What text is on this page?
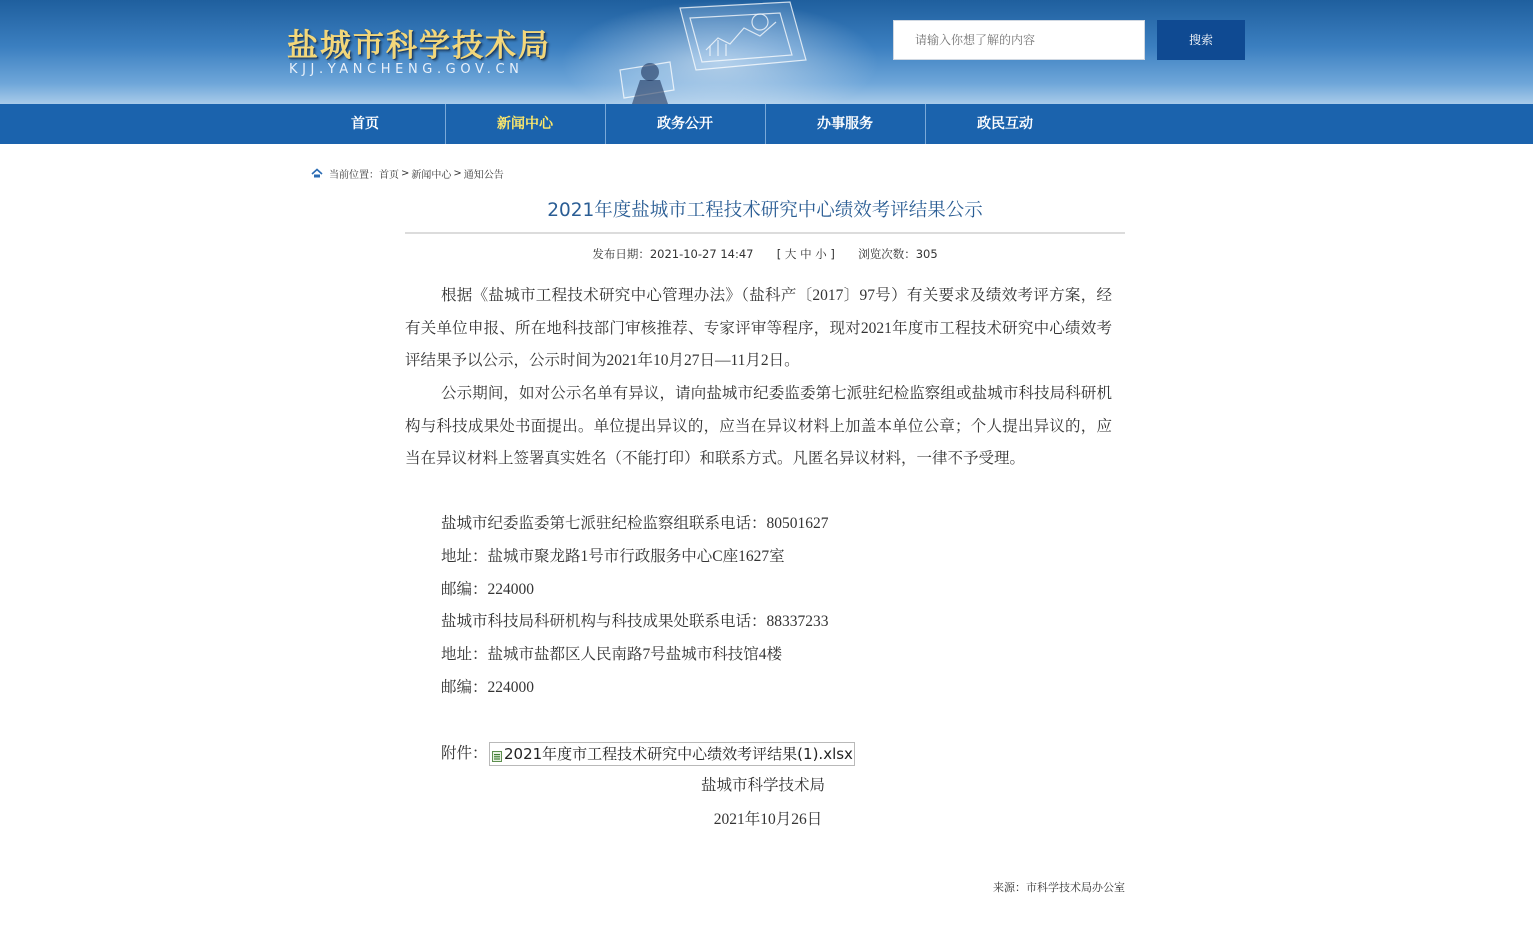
盐城市科学技术局
KJJ.YANCHENG.GOV.CN
请输入你想了解的内容
搜索
首页	新闻中心	政务公开	办事服务	政民互动
当前位置： 首页 > 新闻中心 > 通知公告
2021年度盐城市工程技术研究中心绩效考评结果公示
发布日期：2021-10-27 14:47 [ 大 中 小 ] 浏览次数：305
根据《盐城市工程技术研究中心管理办法》（盐科产〔2017〕97号）有关要求及绩效考评方案，经有关单位申报、所在地科技部门审核推荐、专家评审等程序，现对2021年度市工程技术研究中心绩效考评结果予以公示，公示时间为2021年10月27日—11月2日。
公示期间，如对公示名单有异议，请向盐城市纪委监委第七派驻纪检监察组或盐城市科技局科研机构与科技成果处书面提出。单位提出异议的，应当在异议材料上加盖本单位公章；个人提出异议的，应当在异议材料上签署真实姓名（不能打印）和联系方式。凡匿名异议材料，一律不予受理。
盐城市纪委监委第七派驻纪检监察组联系电话：80501627
地址：盐城市聚龙路1号市行政服务中心C座1627室
邮编：224000
盐城市科技局科研机构与科技成果处联系电话：88337233
地址：盐城市盐都区人民南路7号盐城市科技馆4楼
邮编：224000
附件： 2021年度市工程技术研究中心绩效考评结果(1).xlsx
盐城市科学技术局
2021年10月26日
来源：市科学技术局办公室
